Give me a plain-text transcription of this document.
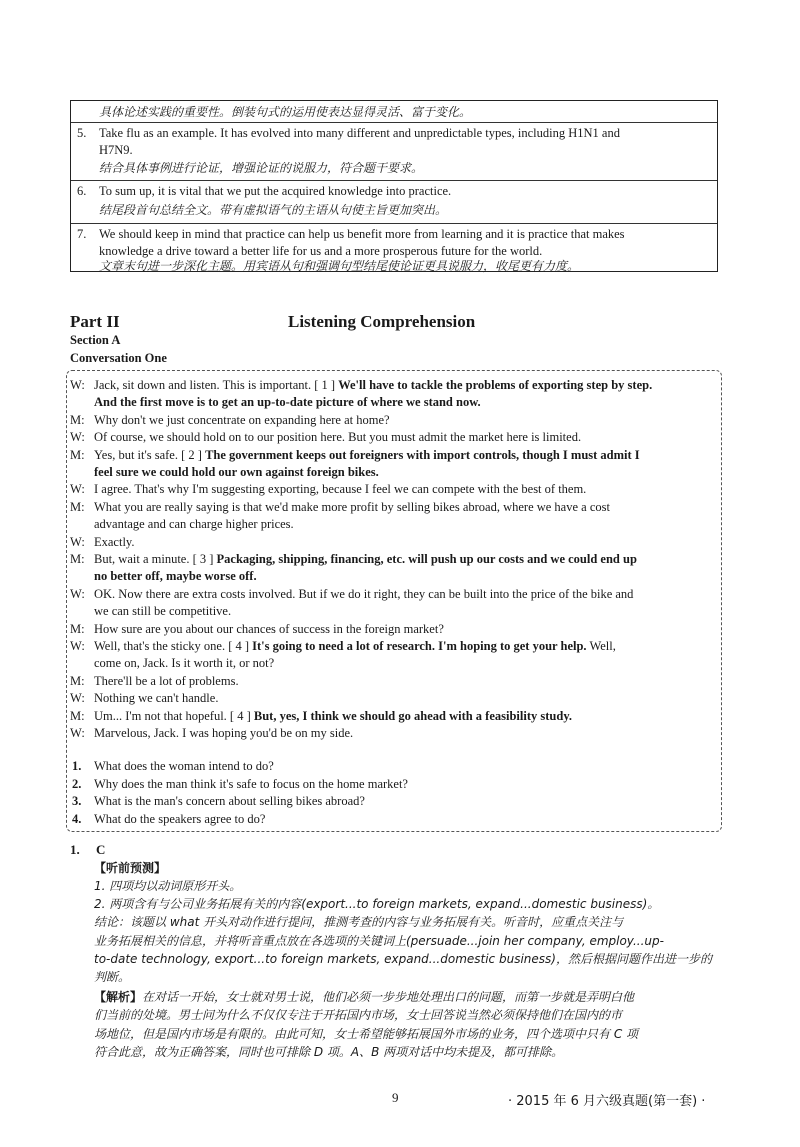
具体论述实践的重要性。倒装句式的运用使表达显得灵活、富于变化。
5. Take flu as an example. It has evolved into many different and unpredictable types, including H1N1 and
H7N9.
结合具体事例进行论证，增强论证的说服力，符合题干要求。
6. To sum up, it is vital that we put the acquired knowledge into practice.
结尾段首句总结全文。带有虚拟语气的主语从句使主旨更加突出。
7. We should keep in mind that practice can help us benefit more from learning and it is practice that makes
knowledge a drive toward a better life for us and a more prosperous future for the world.
文章末句进一步深化主题。用宾语从句和强调句型结尾使论证更具说服力，收尾更有力度。
Part II	Listening Comprehension
Section A
Conversation One
W: Jack, sit down and listen. This is important. [ 1 ] We'll have to tackle the problems of exporting step by step.
And the first move is to get an up-to-date picture of where we stand now.
M: Why don't we just concentrate on expanding here at home?
W: Of course, we should hold on to our position here. But you must admit the market here is limited.
M: Yes, but it's safe. [ 2 ] The government keeps out foreigners with import controls, though I must admit I
feel sure we could hold our own against foreign bikes.
W: I agree. That's why I'm suggesting exporting, because I feel we can compete with the best of them.
M: What you are really saying is that we'd make more profit by selling bikes abroad, where we have a cost
advantage and can charge higher prices.
W: Exactly.
M: But, wait a minute. [ 3 ] Packaging, shipping, financing, etc. will push up our costs and we could end up
no better off, maybe worse off.
W: OK. Now there are extra costs involved. But if we do it right, they can be built into the price of the bike and
we can still be competitive.
M: How sure are you about our chances of success in the foreign market?
W: Well, that's the sticky one. [ 4 ] It's going to need a lot of research. I'm hoping to get your help. Well,
come on, Jack. Is it worth it, or not?
M: There'll be a lot of problems.
W: Nothing we can't handle.
M: Um... I'm not that hopeful. [ 4 ] But, yes, I think we should go ahead with a feasibility study.
W: Marvelous, Jack. I was hoping you'd be on my side.
1. What does the woman intend to do?
2. Why does the man think it's safe to focus on the home market?
3. What is the man's concern about selling bikes abroad?
4. What do the speakers agree to do?
1. C
【听前预测】
1. 四项均以动词原形开头。
2. 两项含有与公司业务拓展有关的内容(export...to foreign markets, expand...domestic business)。
结论：该题以 what 开头对动作进行提问，推测考查的内容与业务拓展有关。听音时，应重点关注与
业务拓展相关的信息，并将听音重点放在各选项的关键词上(persuade...join her company, employ...up-
to-date technology, export...to foreign markets, expand...domestic business)，然后根据问题作出进一步的
判断。
【解析】在对话一开始，女士就对男士说，他们必须一步步地处理出口的问题，而第一步就是弄明白他
们当前的处境。男士问为什么不仅仅专注于开拓国内市场，女士回答说当然必须保持他们在国内的市
场地位，但是国内市场是有限的。由此可知，女士希望能够拓展国外市场的业务，四个选项中只有 C 项
符合此意，故为正确答案，同时也可排除 D 项。A、B 两项对话中均未提及，都可排除。
9	· 2015 年 6 月六级真题(第一套) ·
